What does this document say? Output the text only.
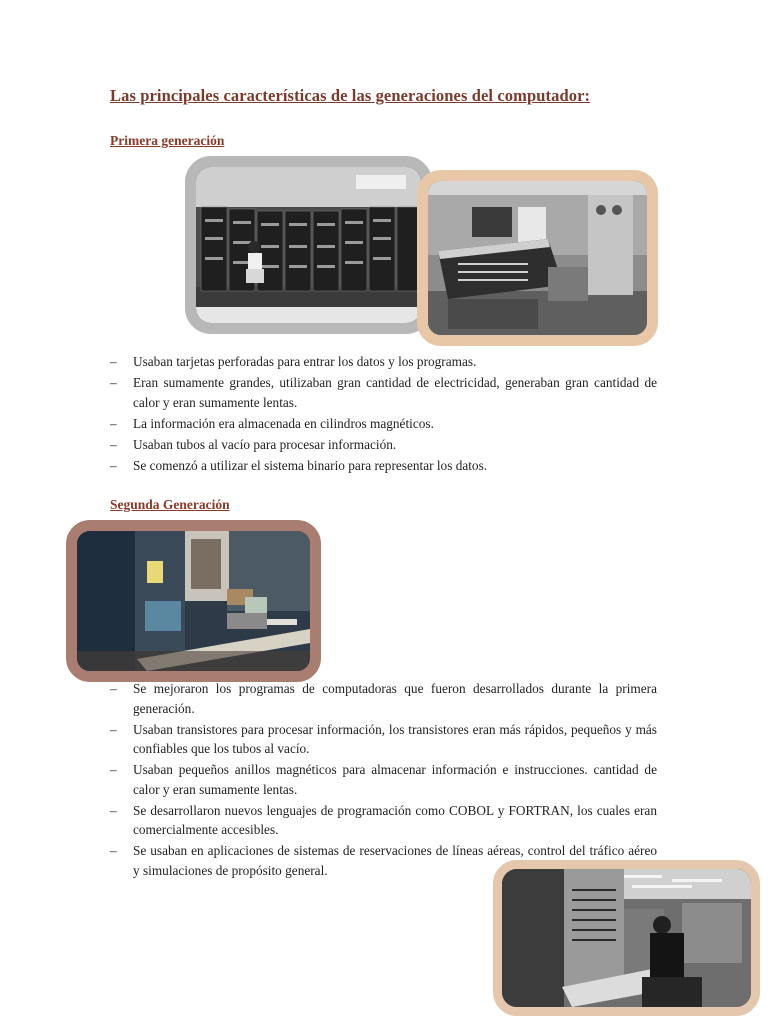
Las principales características de las generaciones del computador:
Primera generación
– Usaban tarjetas perforadas para entrar los datos y los programas.
– Eran sumamente grandes, utilizaban gran cantidad de electricidad, generaban gran cantidad de calor y eran sumamente lentas.
– La información era almacenada en cilindros magnéticos.
– Usaban tubos al vacío para procesar información.
– Se comenzó a utilizar el sistema binario para representar los datos.
Segunda Generación
– Se mejoraron los programas de computadoras que fueron desarrollados durante la primera generación.
– Usaban transistores para procesar información, los transistores eran más rápidos, pequeños y más confiables que los tubos al vacío.
– Usaban pequeños anillos magnéticos para almacenar información e instrucciones. cantidad de calor y eran sumamente lentas.
– Se desarrollaron nuevos lenguajes de programación como COBOL y FORTRAN, los cuales eran comercialmente accesibles.
– Se usaban en aplicaciones de sistemas de reservaciones de líneas aéreas, control del tráfico aéreo y simulaciones de propósito general.
